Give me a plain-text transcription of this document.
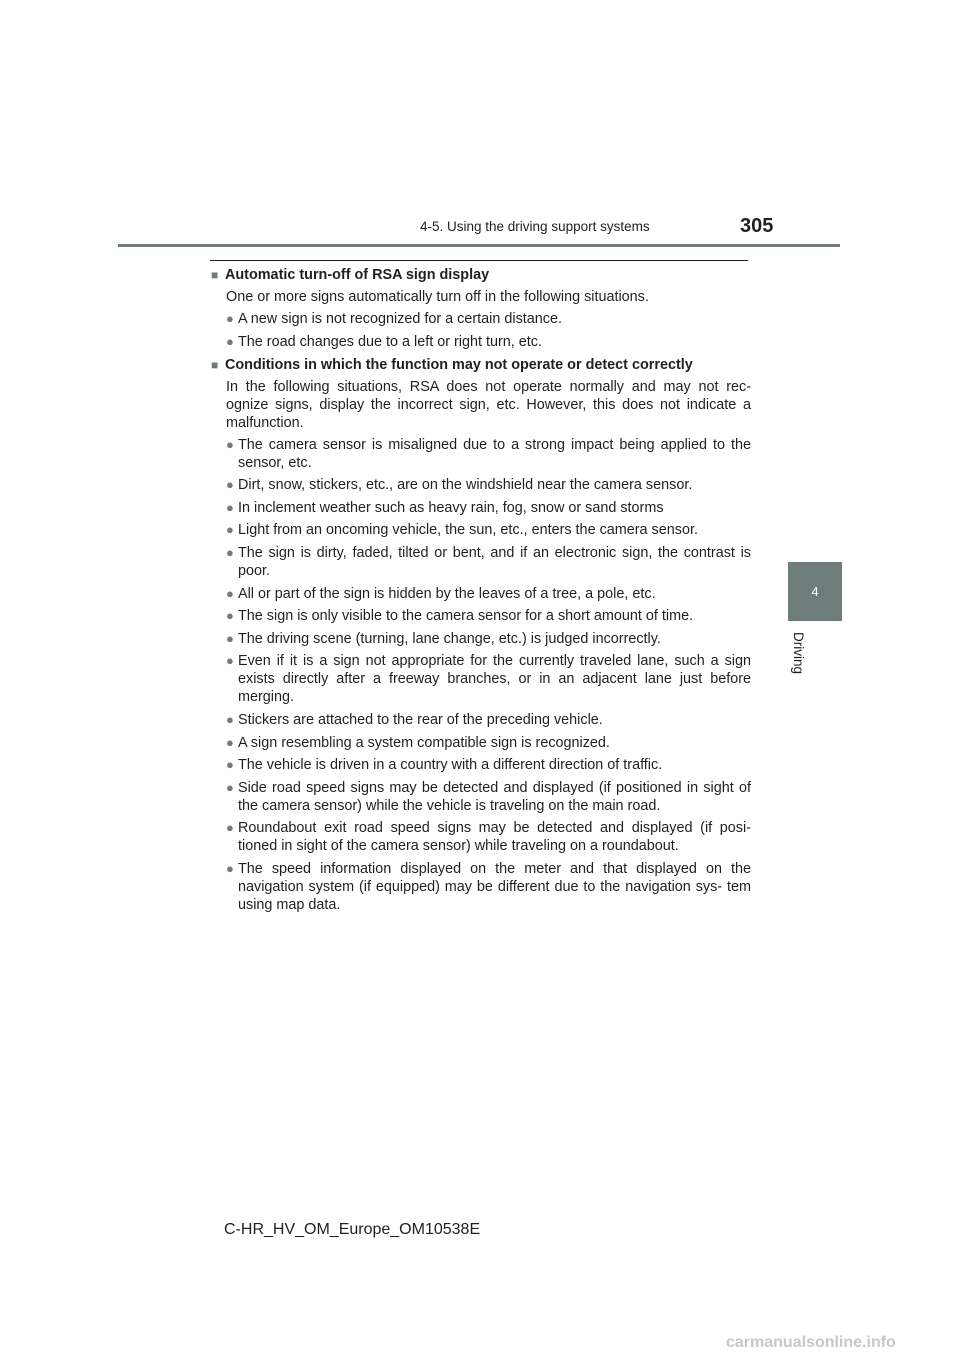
4-5. Using the driving support systems	305
4
Driving
■ Automatic turn-off of RSA sign display
One or more signs automatically turn off in the following situations.
● A new sign is not recognized for a certain distance.
● The road changes due to a left or right turn, etc.
■ Conditions in which the function may not operate or detect correctly
In the following situations, RSA does not operate normally and may not rec- ognize signs, display the incorrect sign, etc. However, this does not indicate a malfunction.
● The camera sensor is misaligned due to a strong impact being applied to the sensor, etc.
● Dirt, snow, stickers, etc., are on the windshield near the camera sensor.
● In inclement weather such as heavy rain, fog, snow or sand storms
● Light from an oncoming vehicle, the sun, etc., enters the camera sensor.
● The sign is dirty, faded, tilted or bent, and if an electronic sign, the contrast is poor.
● All or part of the sign is hidden by the leaves of a tree, a pole, etc.
● The sign is only visible to the camera sensor for a short amount of time.
● The driving scene (turning, lane change, etc.) is judged incorrectly.
● Even if it is a sign not appropriate for the currently traveled lane, such a sign exists directly after a freeway branches, or in an adjacent lane just before merging.
● Stickers are attached to the rear of the preceding vehicle.
● A sign resembling a system compatible sign is recognized.
● The vehicle is driven in a country with a different direction of traffic.
● Side road speed signs may be detected and displayed (if positioned in sight of the camera sensor) while the vehicle is traveling on the main road.
● Roundabout exit road speed signs may be detected and displayed (if posi- tioned in sight of the camera sensor) while traveling on a roundabout.
● The speed information displayed on the meter and that displayed on the navigation system (if equipped) may be different due to the navigation sys- tem using map data.
C-HR_HV_OM_Europe_OM10538E
carmanualsonline.info
